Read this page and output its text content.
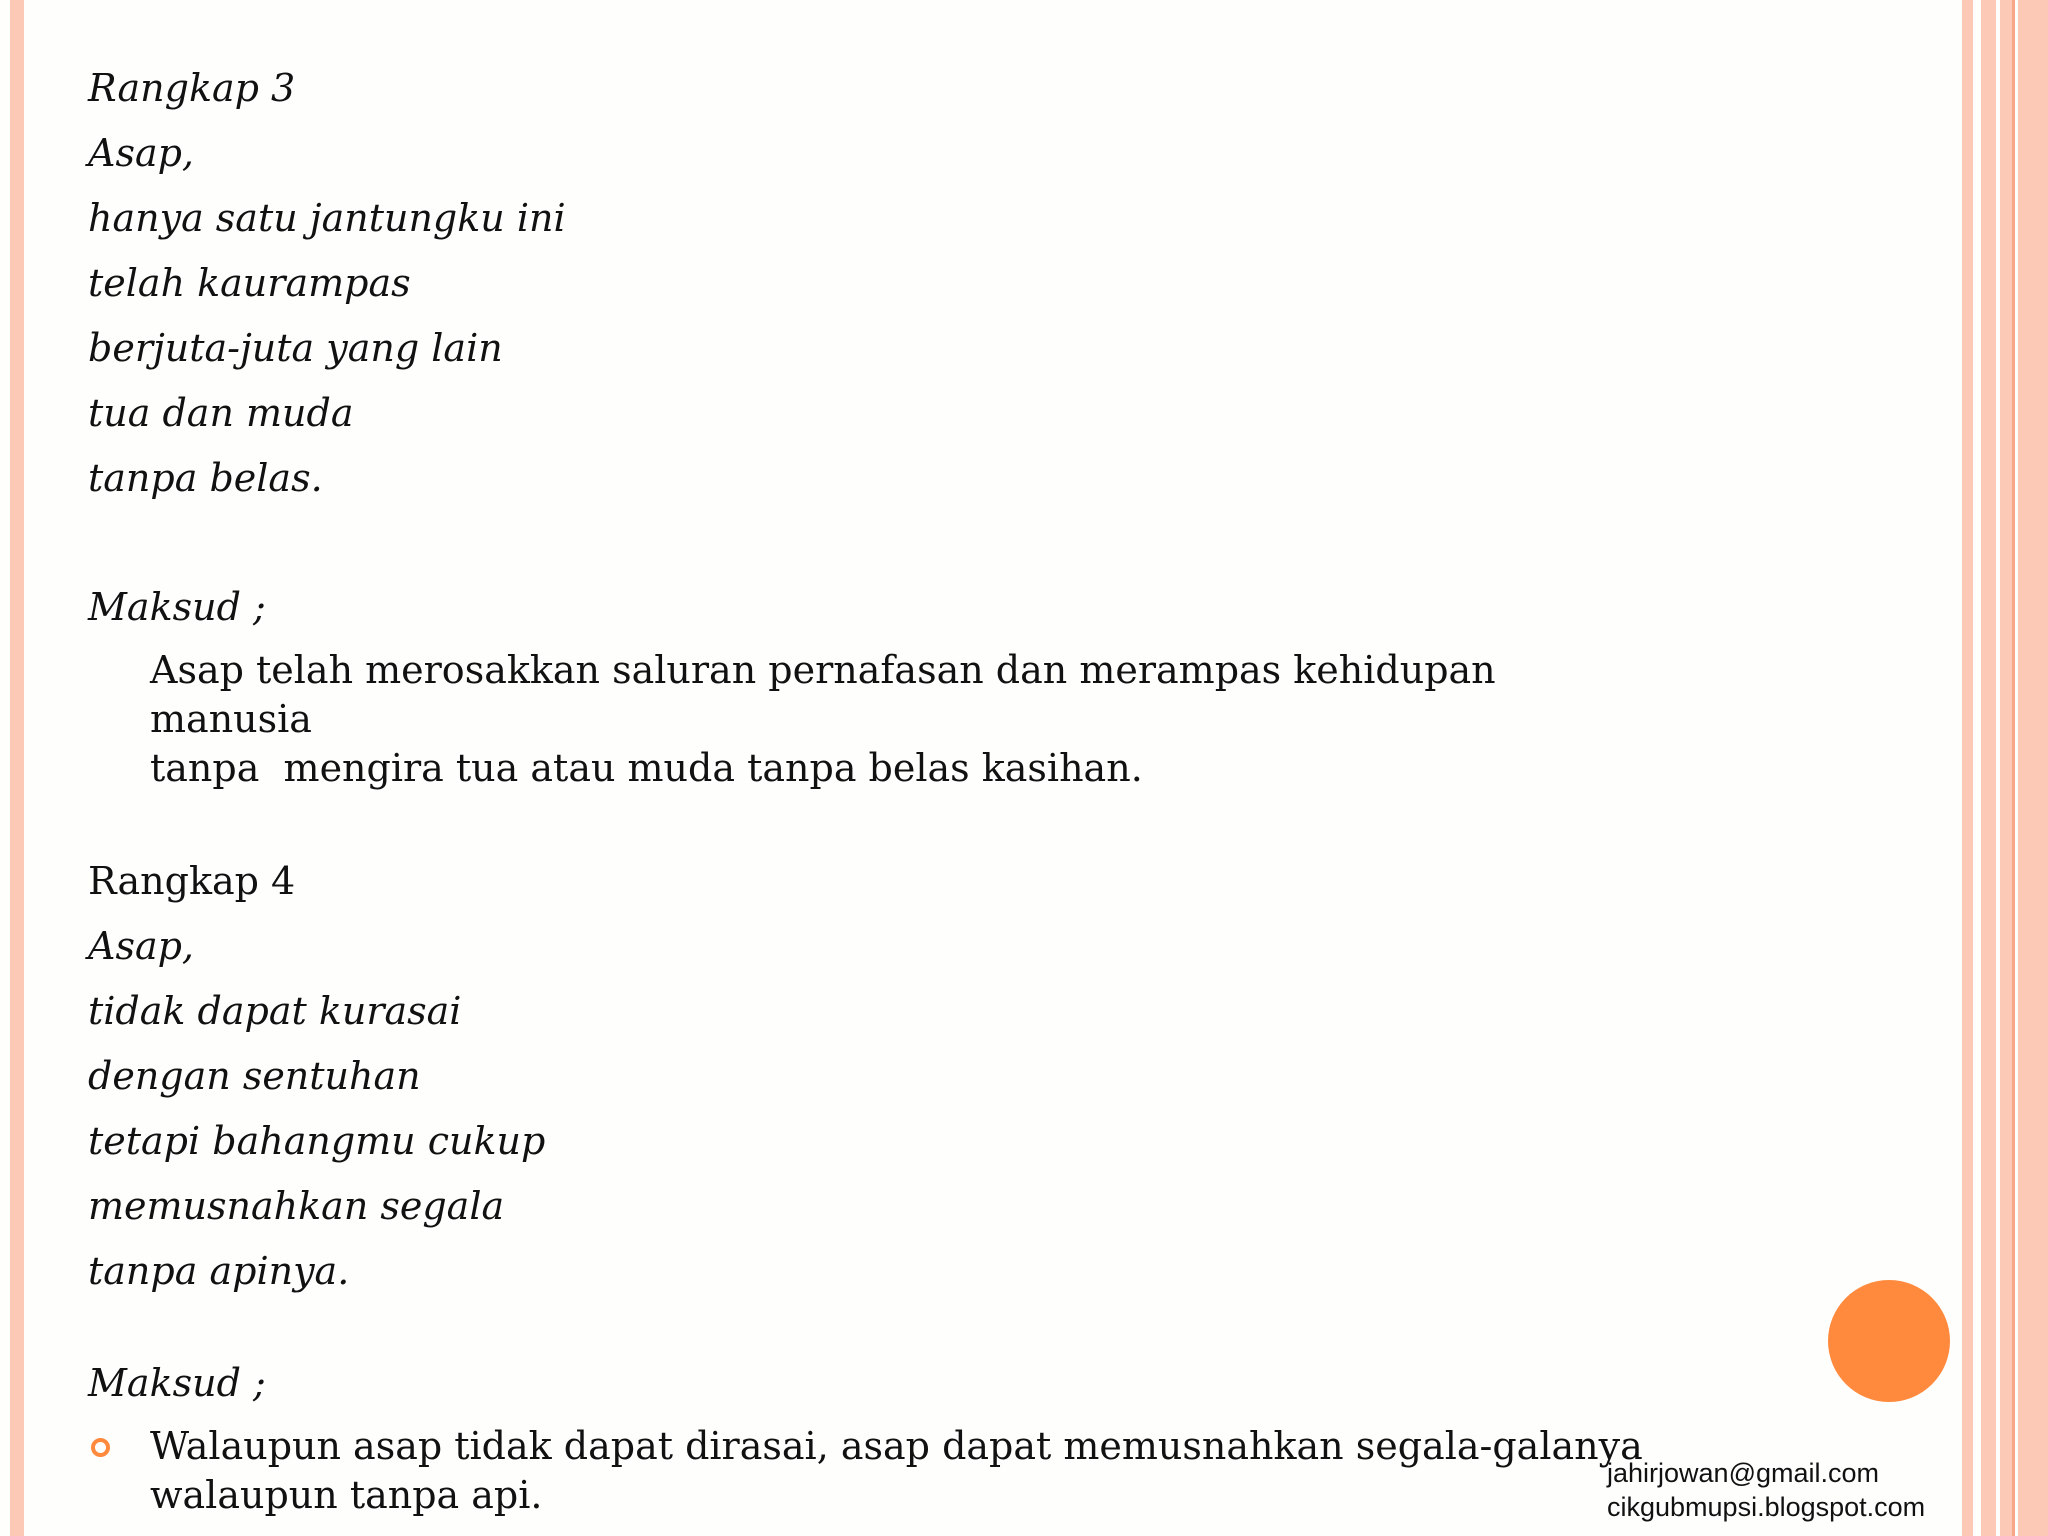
Rangkap 3
Asap,
hanya satu jantungku ini
telah kaurampas
berjuta-juta yang lain
tua dan muda
tanpa belas.
Maksud ;
Asap telah merosakkan saluran pernafasan dan merampas kehidupan manusia
tanpa  mengira tua atau muda tanpa belas kasihan.
Rangkap 4
Asap,
tidak dapat kurasai
dengan sentuhan
tetapi bahangmu cukup
memusnahkan segala
tanpa apinya.
Maksud ;
Walaupun asap tidak dapat dirasai, asap dapat memusnahkan segala-galanya
walaupun tanpa api.	jahirjowan@gmail.com
cikgubmupsi.blogspot.com
